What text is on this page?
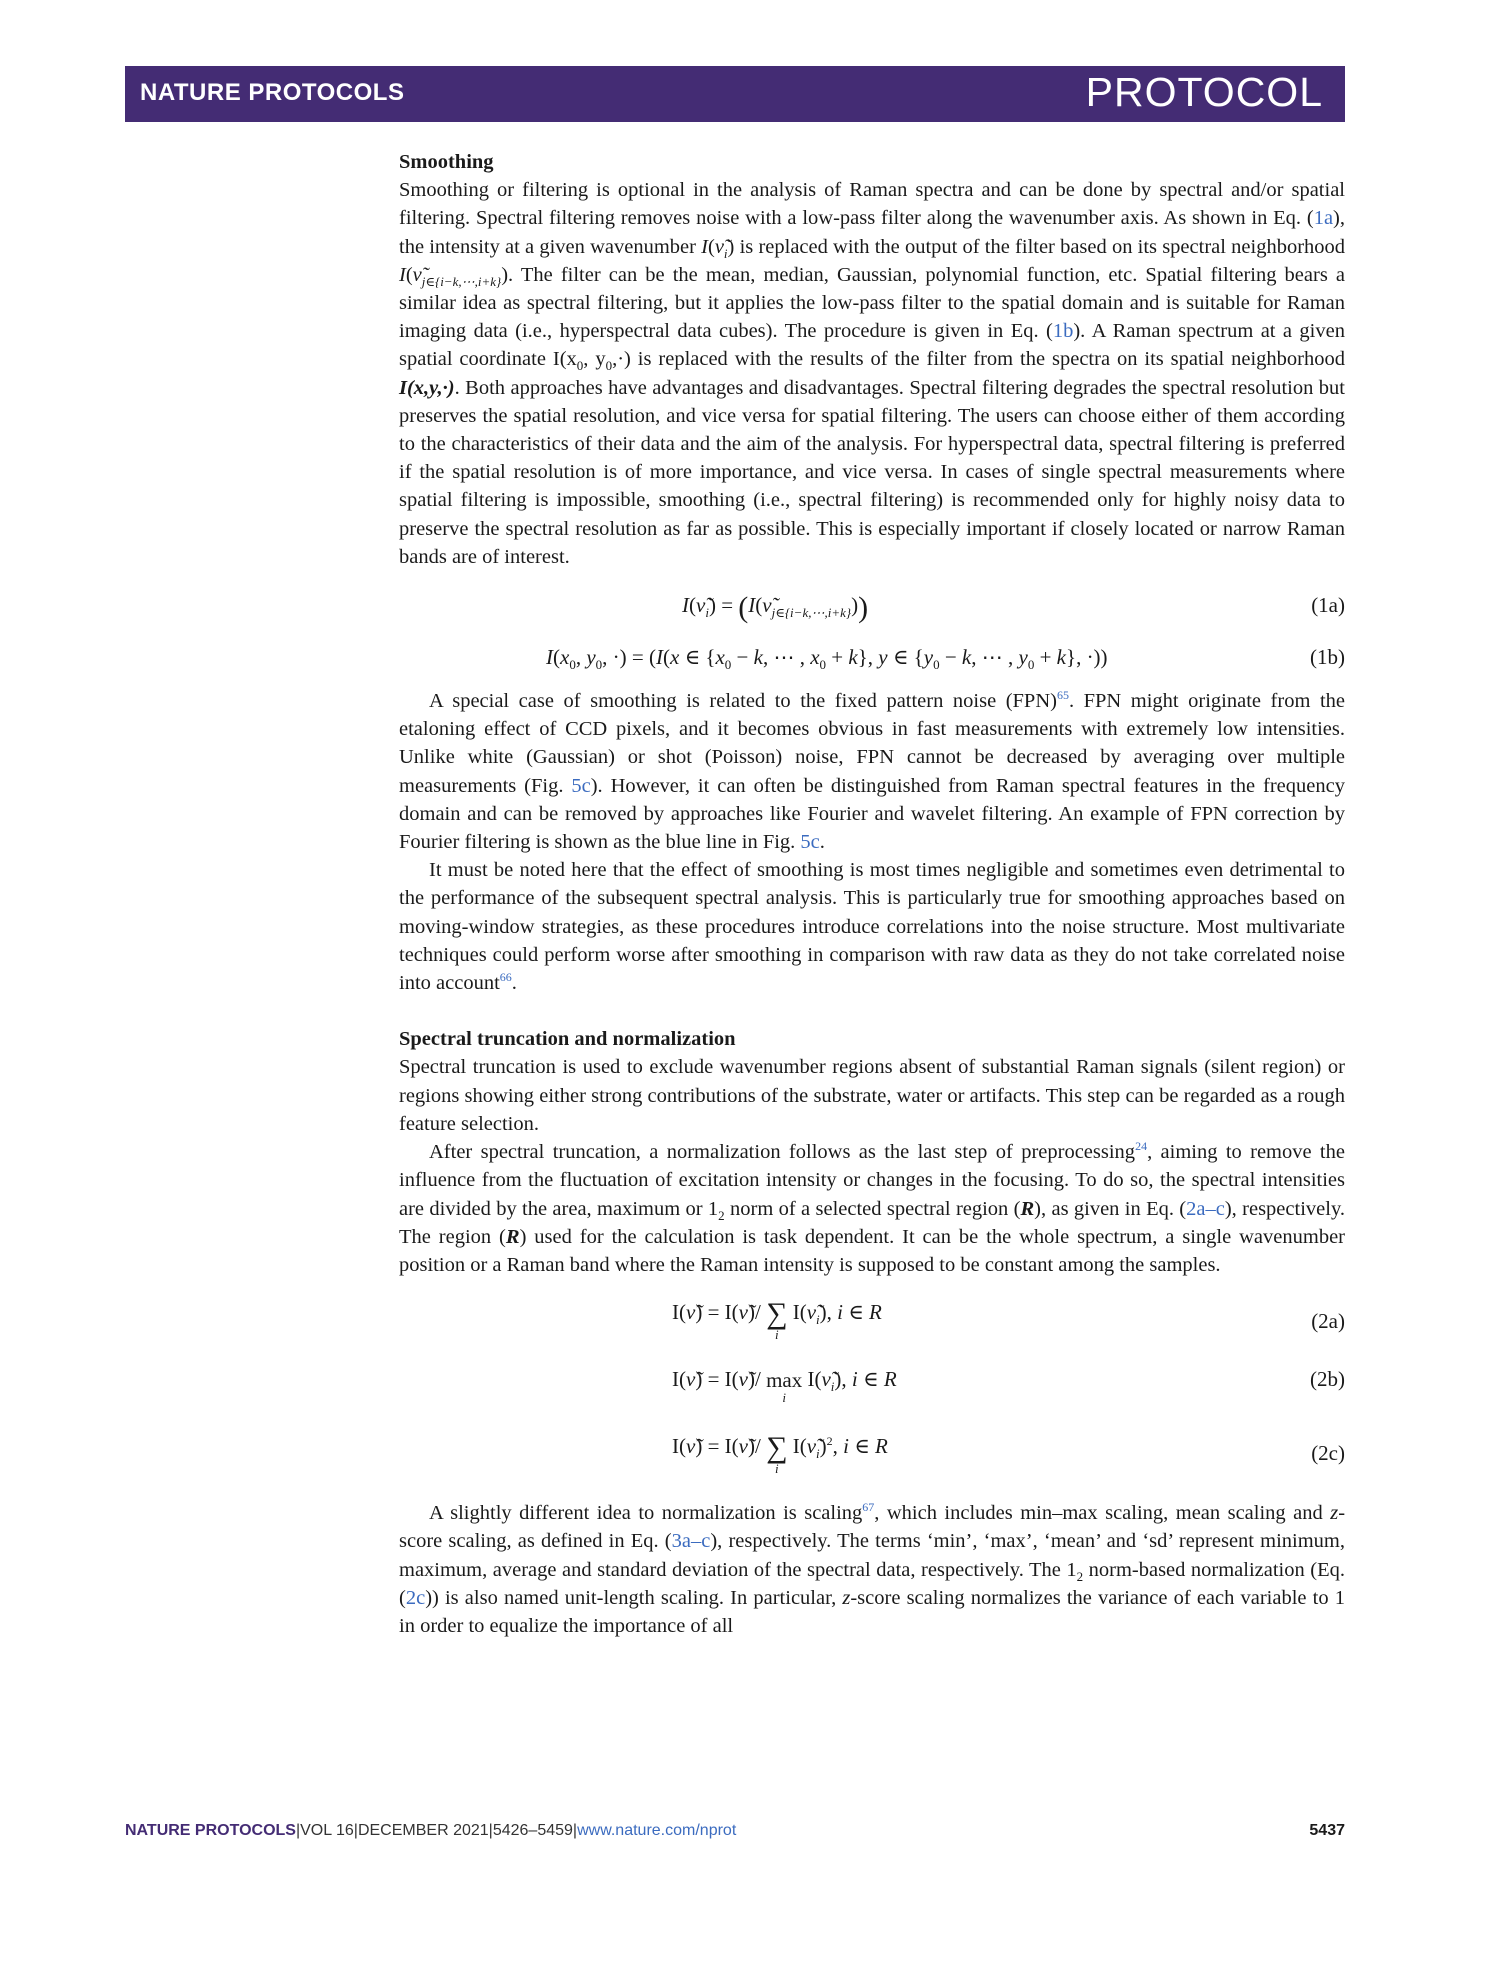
NATURE PROTOCOLS	PROTOCOL

Smoothing

Smoothing or filtering is optional in the analysis of Raman spectra and can be done by spectral and/or spatial filtering. Spectral filtering removes noise with a low-pass filter along the wavenumber axis. As shown in Eq. (1a), the intensity at a given wavenumber $I(\nũ_i)$ is replaced with the output of the filter based on its spectral neighborhood $I(\nũ_{j\in\{i-k,\cdots,i+k\}})$. The filter can be the mean, median, Gaussian, polynomial function, etc. Spatial filtering bears a similar idea as spectral filtering, but it applies the low-pass filter to the spatial domain and is suitable for Raman imaging data (i.e., hyperspectral data cubes). The procedure is given in Eq. (1b). A Raman spectrum at a given spatial coordinate $I(x_0$, $y_0,\cdot$) is replaced with the results of the filter from the spectra on its spatial neighborhood I(x,y,·). Both approaches have advantages and disadvantages. Spectral filtering degrades the spectral resolution but preserves the spatial resolution, and vice versa for spatial filtering. The users can choose either of them according to the characteristics of their data and the aim of the analysis. For hyperspectral data, spectral filtering is preferred if the spatial resolution is of more importance, and vice versa. In cases of single spectral measurements where spatial filtering is impossible, smoothing (i.e., spectral filtering) is recommended only for highly noisy data to preserve the spectral resolution as far as possible. This is especially important if closely located or narrow Raman bands are of interest.

$I(\nũ_i)$ = $(I(\nũ_{j\in\{i-k,\cdots,i+k\}}))$	(1a)
$I(x_0$, $y_0$, ·) = (I(x ∈ {$x_0 - k$, ⋯ , $x_0 + k$}, y ∈ {$y_0 - k$, ⋯ , $y_0 + k$}, ·))	(1b)

A special case of smoothing is related to the fixed pattern noise (FPN)$^{65}$. FPN might originate from the etaloning effect of CCD pixels, and it becomes obvious in fast measurements with extremely low intensities. Unlike white (Gaussian) or shot (Poisson) noise, FPN cannot be decreased by averaging over multiple measurements (Fig. 5c). However, it can often be distinguished from Raman spectral features in the frequency domain and can be removed by approaches like Fourier and wavelet filtering. An example of FPN correction by Fourier filtering is shown as the blue line in Fig. 5c.

It must be noted here that the effect of smoothing is most times negligible and sometimes even detrimental to the performance of the subsequent spectral analysis. This is particularly true for smoothing approaches based on moving-window strategies, as these procedures introduce correlations into the noise structure. Most multivariate techniques could perform worse after smoothing in comparison with raw data as they do not take correlated noise into account$^{66}$.

Spectral truncation and normalization

Spectral truncation is used to exclude wavenumber regions absent of substantial Raman signals (silent region) or regions showing either strong contributions of the substrate, water or artifacts. This step can be regarded as a rough feature selection.

After spectral truncation, a normalization follows as the last step of preprocessing$^{24}$, aiming to remove the influence from the fluctuation of excitation intensity or changes in the focusing. To do so, the spectral intensities are divided by the area, maximum or $1_2$ norm of a selected spectral region (R), as given in Eq. (2a–c), respectively. The region (R) used for the calculation is task dependent. It can be the whole spectrum, a single wavenumber position or a Raman band where the Raman intensity is supposed to be constant among the samples.

I(ν̃) = I(ν̃)/ ∑
i
$I(\nũ_i)$, i ∈ R	(2a)
I(ν̃) = I(ν̃)/ max
i
$I(\nũ_i)$, i ∈ R	(2b)
I(ν̃) = I(ν̃)/ ∑
i
$I(\nũ_i)^2$, i ∈ R	(2c)

A slightly different idea to normalization is scaling$^{67}$, which includes min–max scaling, mean scaling and z-score scaling, as defined in Eq. (3a–c), respectively. The terms ‘min’, ‘max’, ‘mean’ and ‘sd’ represent minimum, maximum, average and standard deviation of the spectral data, respectively. The $1_2$ norm-based normalization (Eq. (2c)) is also named unit-length scaling. In particular, z-score scaling normalizes the variance of each variable to 1 in order to equalize the importance of all

NATURE PROTOCOLS|VOL 16|DECEMBER 2021|5426–5459|www.nature.com/nprot	5437
